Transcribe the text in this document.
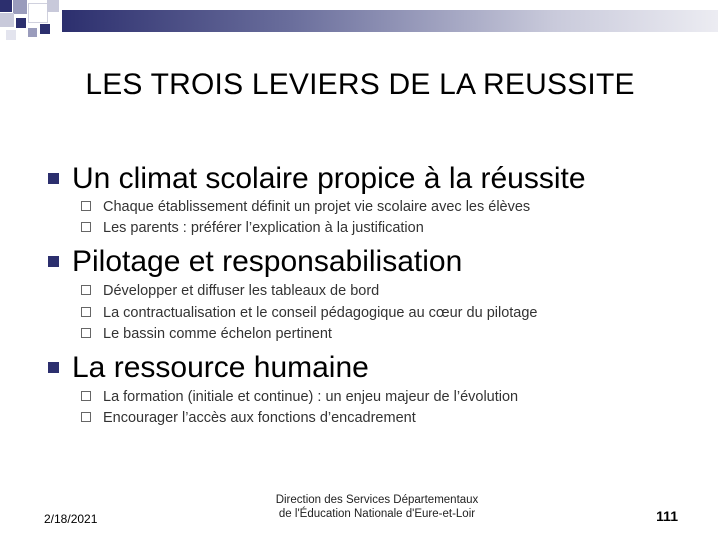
LES TROIS LEVIERS DE LA REUSSITE
Un climat scolaire propice à la réussite
Chaque établissement définit un projet vie scolaire avec les élèves
Les parents : préférer l’explication à la justification
Pilotage et responsabilisation
Développer et diffuser les tableaux de bord
La contractualisation et le conseil pédagogique au cœur du pilotage
Le bassin comme échelon pertinent
La ressource humaine
La formation (initiale et continue) : un enjeu majeur de l’évolution
Encourager l’accès aux fonctions d’encadrement
2/18/2021
Direction des Services Départementaux
de l'Éducation Nationale d'Eure-et-Loir	111
